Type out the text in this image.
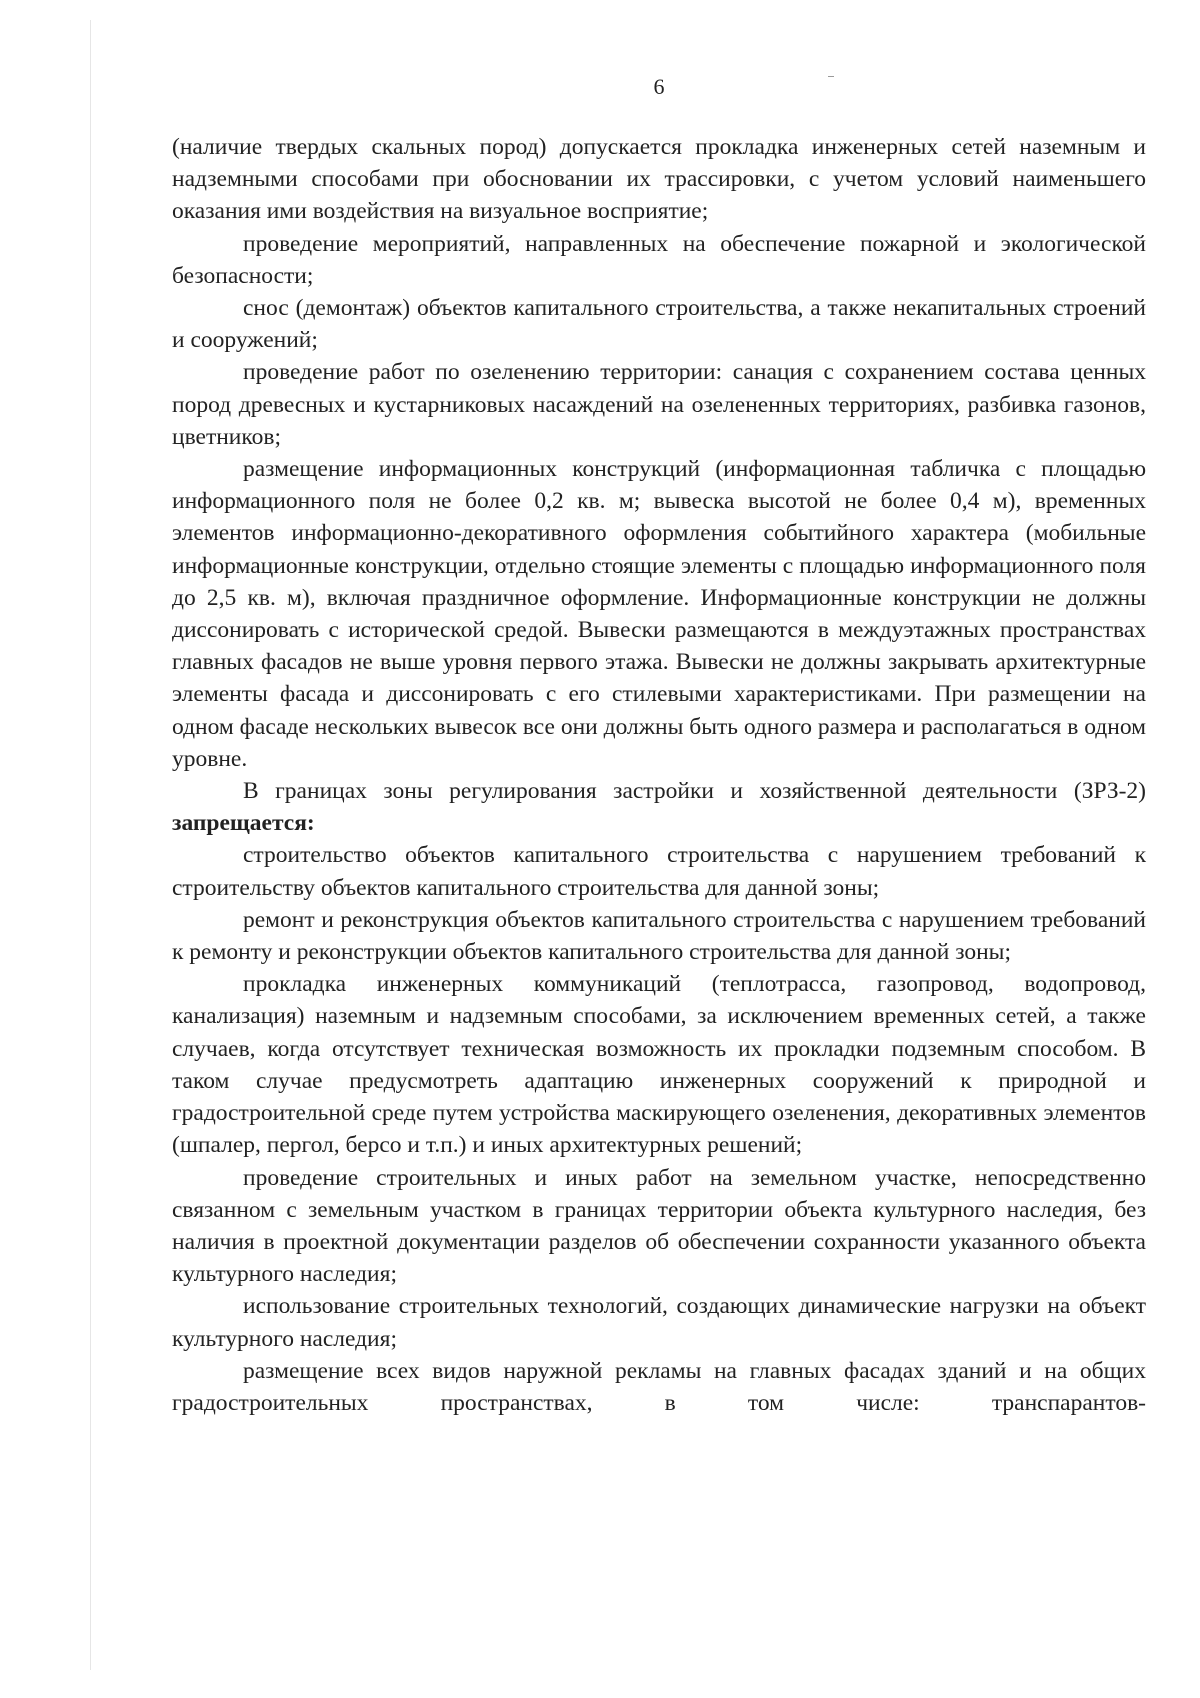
6

(наличие твердых скальных пород) допускается прокладка инженерных сетей наземным и надземными способами при обосновании их трассировки, с учетом условий наименьшего оказания ими воздействия на визуальное восприятие;

проведение мероприятий, направленных на обеспечение пожарной и экологической безопасности;

снос (демонтаж) объектов капитального строительства, а также некапитальных строений и сооружений;

проведение работ по озеленению территории: санация с сохранением состава ценных пород древесных и кустарниковых насаждений на озелененных территориях, разбивка газонов, цветников;

размещение информационных конструкций (информационная табличка с площадью информационного поля не более 0,2 кв. м; вывеска высотой не более 0,4 м), временных элементов информационно-декоративного оформления событийного характера (мобильные информационные конструкции, отдельно стоящие элементы с площадью информационного поля до 2,5 кв. м), включая праздничное оформление. Информационные конструкции не должны диссонировать с исторической средой. Вывески размещаются в междуэтажных пространствах главных фасадов не выше уровня первого этажа. Вывески не должны закрывать архитектурные элементы фасада и диссонировать с его стилевыми характеристиками. При размещении на одном фасаде нескольких вывесок все они должны быть одного размера и располагаться в одном уровне.

В границах зоны регулирования застройки и хозяйственной деятельности (ЗРЗ-2) запрещается:

строительство объектов капитального строительства с нарушением требований к строительству объектов капитального строительства для данной зоны;

ремонт и реконструкция объектов капитального строительства с нарушением требований к ремонту и реконструкции объектов капитального строительства для данной зоны;

прокладка инженерных коммуникаций (теплотрасса, газопровод, водопровод, канализация) наземным и надземным способами, за исключением временных сетей, а также случаев, когда отсутствует техническая возможность их прокладки подземным способом. В таком случае предусмотреть адаптацию инженерных сооружений к природной и градостроительной среде путем устройства маскирующего озеленения, декоративных элементов (шпалер, пергол, берсо и т.п.) и иных архитектурных решений;

проведение строительных и иных работ на земельном участке, непосредственно связанном с земельным участком в границах территории объекта культурного наследия, без наличия в проектной документации разделов об обеспечении сохранности указанного объекта культурного наследия;

использование строительных технологий, создающих динамические нагрузки на объект культурного наследия;

размещение всех видов наружной рекламы на главных фасадах зданий и на общих градостроительных пространствах, в том числе: транспарантов-
